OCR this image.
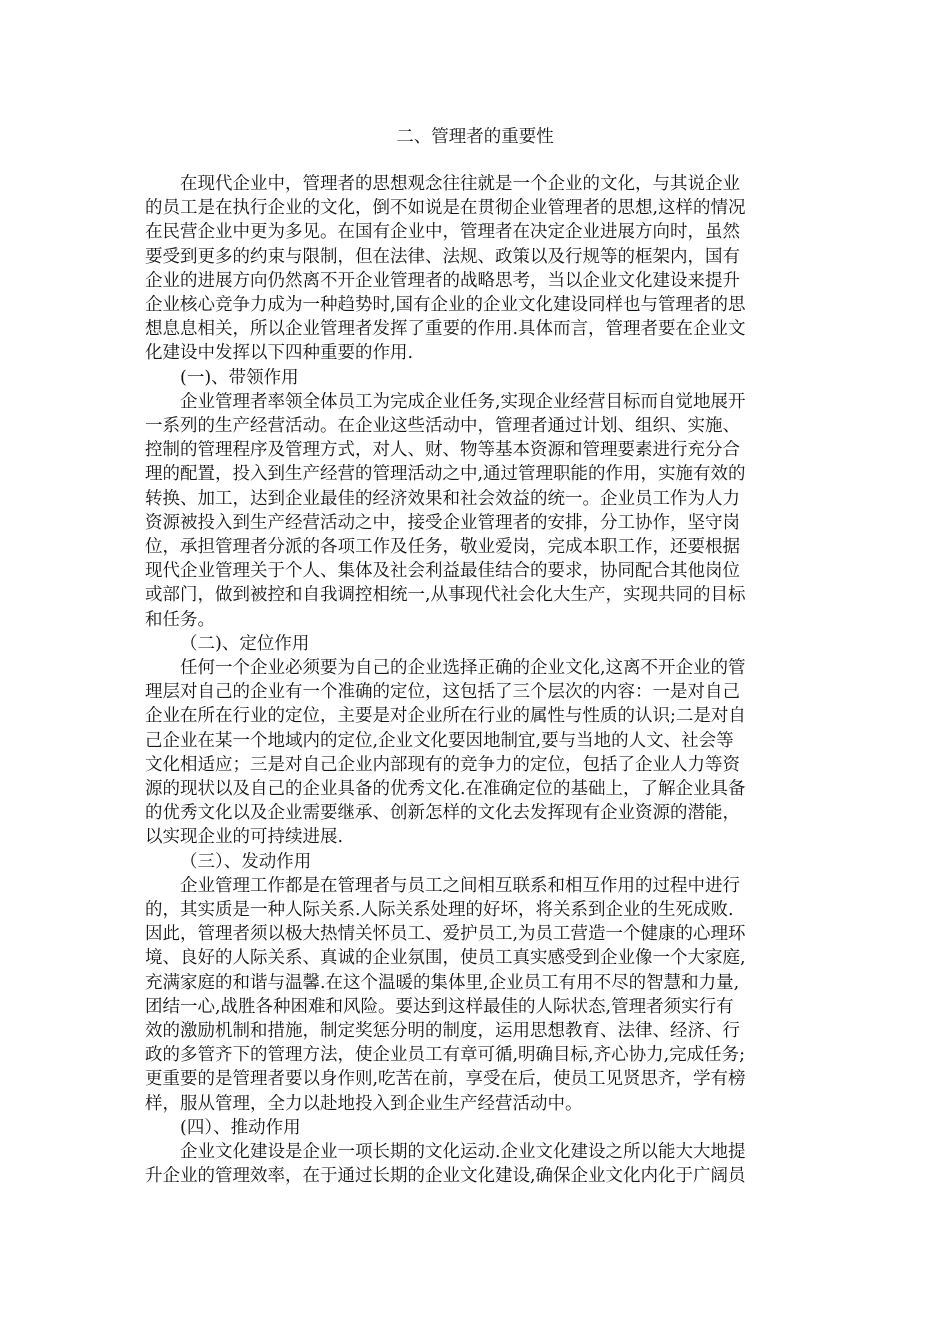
二、管理者的重要性
在现代企业中，管理者的思想观念往往就是一个企业的文化，与其说企业
的员工是在执行企业的文化，倒不如说是在贯彻企业管理者的思想,这样的情况
在民营企业中更为多见。在国有企业中，管理者在决定企业进展方向时，虽然
要受到更多的约束与限制，但在法律、法规、政策以及行规等的框架内，国有
企业的进展方向仍然离不开企业管理者的战略思考，当以企业文化建设来提升
企业核心竞争力成为一种趋势时,国有企业的企业文化建设同样也与管理者的思
想息息相关，所以企业管理者发挥了重要的作用.具体而言，管理者要在企业文
化建设中发挥以下四种重要的作用.
(一)、带领作用
企业管理者率领全体员工为完成企业任务,实现企业经营目标而自觉地展开
一系列的生产经营活动。在企业这些活动中，管理者通过计划、组织、实施、
控制的管理程序及管理方式，对人、财、物等基本资源和管理要素进行充分合
理的配置，投入到生产经营的管理活动之中,通过管理职能的作用，实施有效的
转换、加工，达到企业最佳的经济效果和社会效益的统一。企业员工作为人力
资源被投入到生产经营活动之中，接受企业管理者的安排，分工协作，坚守岗
位，承担管理者分派的各项工作及任务，敬业爱岗，完成本职工作，还要根据
现代企业管理关于个人、集体及社会利益最佳结合的要求，协同配合其他岗位
或部门，做到被控和自我调控相统一,从事现代社会化大生产，实现共同的目标
和任务。
（二)、定位作用
任何一个企业必须要为自己的企业选择正确的企业文化,这离不开企业的管
理层对自己的企业有一个准确的定位，这包括了三个层次的内容：一是对自己
企业在所在行业的定位，主要是对企业所在行业的属性与性质的认识;二是对自
己企业在某一个地域内的定位,企业文化要因地制宜,要与当地的人文、社会等
文化相适应；三是对自己企业内部现有的竞争力的定位，包括了企业人力等资
源的现状以及自己的企业具备的优秀文化.在准确定位的基础上，了解企业具备
的优秀文化以及企业需要继承、创新怎样的文化去发挥现有企业资源的潜能，
以实现企业的可持续进展.
（三）、发动作用
企业管理工作都是在管理者与员工之间相互联系和相互作用的过程中进行
的，其实质是一种人际关系.人际关系处理的好坏，将关系到企业的生死成败.
因此，管理者须以极大热情关怀员工、爱护员工,为员工营造一个健康的心理环
境、良好的人际关系、真诚的企业氛围，使员工真实感受到企业像一个大家庭,
充满家庭的和谐与温馨.在这个温暖的集体里,企业员工有用不尽的智慧和力量,
团结一心,战胜各种困难和风险。要达到这样最佳的人际状态,管理者须实行有
效的激励机制和措施，制定奖惩分明的制度，运用思想教育、法律、经济、行
政的多管齐下的管理方法，使企业员工有章可循,明确目标,齐心协力,完成任务;
更重要的是管理者要以身作则,吃苦在前，享受在后，使员工见贤思齐，学有榜
样，服从管理，全力以赴地投入到企业生产经营活动中。
(四）、推动作用
企业文化建设是企业一项长期的文化运动.企业文化建设之所以能大大地提
升企业的管理效率，在于通过长期的企业文化建设,确保企业文化内化于广阔员
